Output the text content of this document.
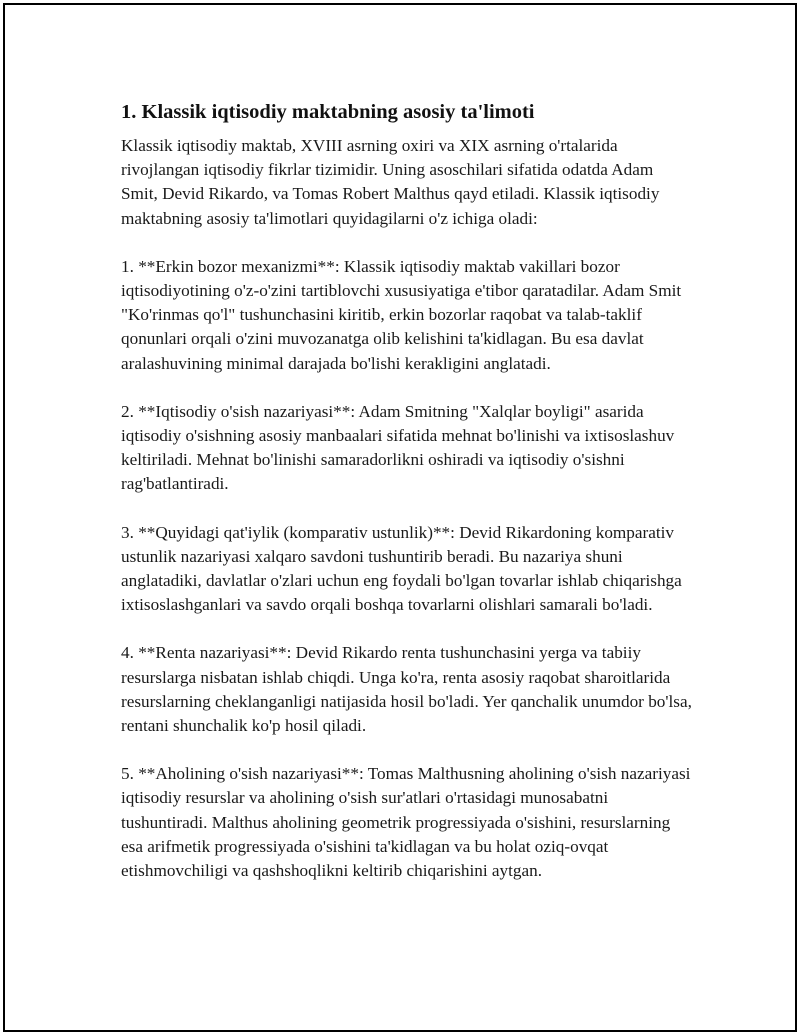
1. Klassik iqtisodiy maktabning asosiy ta'limoti

Klassik iqtisodiy maktab, XVIII asrning oxiri va XIX asrning o'rtalarida rivojlangan iqtisodiy fikrlar tizimidir. Uning asoschilari sifatida odatda Adam Smit, Devid Rikardo, va Tomas Robert Malthus qayd etiladi. Klassik iqtisodiy maktabning asosiy ta'limotlari quyidagilarni o'z ichiga oladi:

1. **Erkin bozor mexanizmi**: Klassik iqtisodiy maktab vakillari bozor iqtisodiyotining o'z-o'zini tartiblovchi xususiyatiga e'tibor qaratadilar. Adam Smit "Ko'rinmas qo'l" tushunchasini kiritib, erkin bozorlar raqobat va talab-taklif qonunlari orqali o'zini muvozanatga olib kelishini ta'kidlagan. Bu esa davlat aralashuvining minimal darajada bo'lishi kerakligini anglatadi.

2. **Iqtisodiy o'sish nazariyasi**: Adam Smitning "Xalqlar boyligi" asarida iqtisodiy o'sishning asosiy manbaalari sifatida mehnat bo'linishi va ixtisoslashuv keltiriladi. Mehnat bo'linishi samaradorlikni oshiradi va iqtisodiy o'sishni rag'batlantiradi.

3. **Quyidagi qat'iylik (komparativ ustunlik)**: Devid Rikardoning komparativ ustunlik nazariyasi xalqaro savdoni tushuntirib beradi. Bu nazariya shuni anglatadiki, davlatlar o'zlari uchun eng foydali bo'lgan tovarlar ishlab chiqarishga ixtisoslashganlari va savdo orqali boshqa tovarlarni olishlari samarali bo'ladi.

4. **Renta nazariyasi**: Devid Rikardo renta tushunchasini yerga va tabiiy resurslarga nisbatan ishlab chiqdi. Unga ko'ra, renta asosiy raqobat sharoitlarida resurslarning cheklanganligi natijasida hosil bo'ladi. Yer qanchalik unumdor bo'lsa, rentani shunchalik ko'p hosil qiladi.

5. **Aholining o'sish nazariyasi**: Tomas Malthusning aholining o'sish nazariyasi iqtisodiy resurslar va aholining o'sish sur'atlari o'rtasidagi munosabatni tushuntiradi. Malthus aholining geometrik progressiyada o'sishini, resurslarning esa arifmetik progressiyada o'sishini ta'kidlagan va bu holat oziq-ovqat etishmovchiligi va qashshoqlikni keltirib chiqarishini aytgan.
